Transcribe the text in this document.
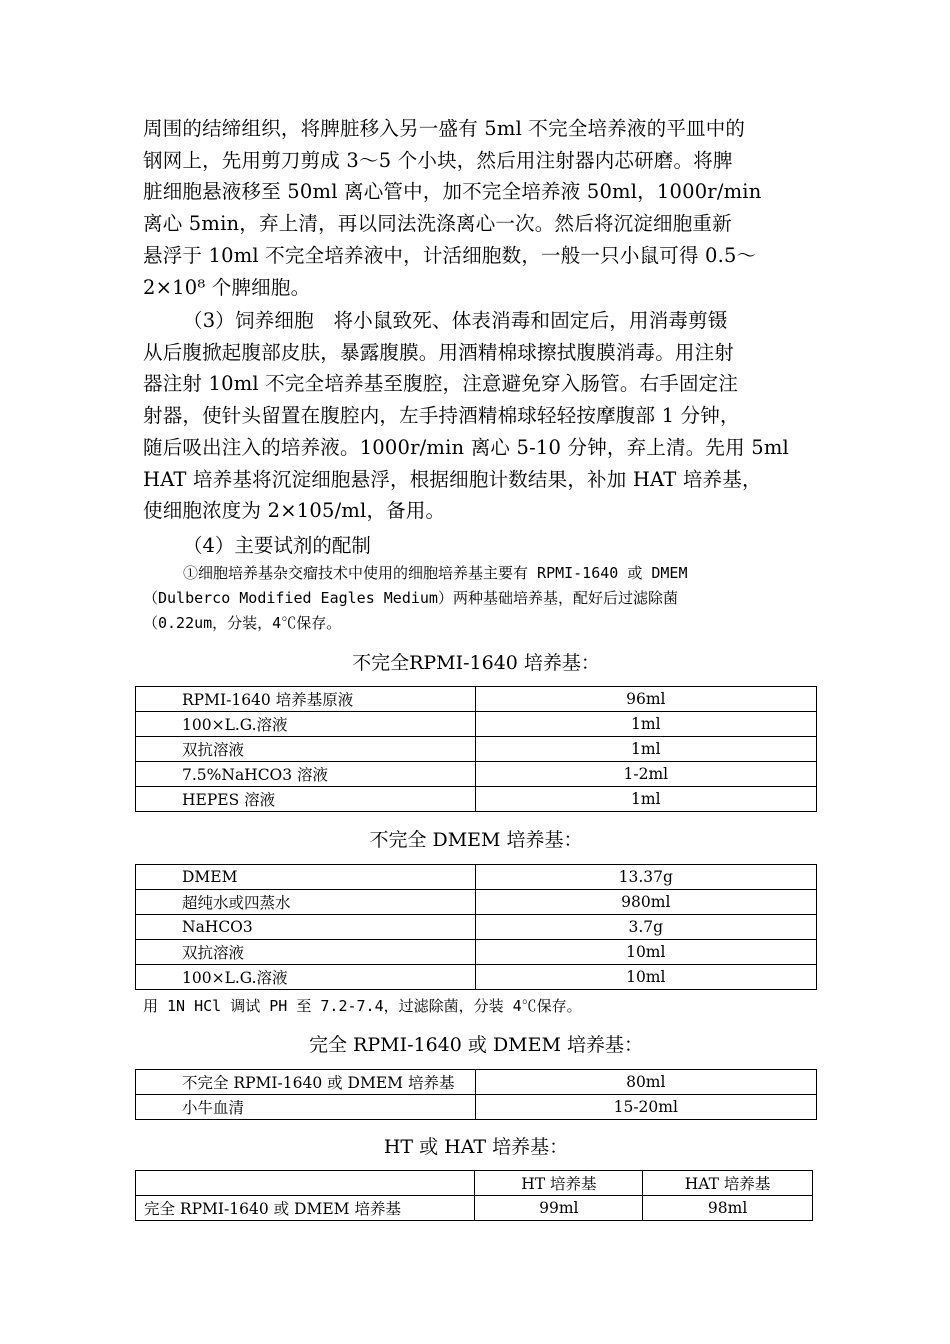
周围的结缔组织，将脾脏移入另一盛有 5ml 不完全培养液的平皿中的
钢网上，先用剪刀剪成 3～5 个小块，然后用注射器内芯研磨。将脾
脏细胞悬液移至 50ml 离心管中，加不完全培养液 50ml，1000r/min
离心 5min，弃上清，再以同法洗涤离心一次。然后将沉淀细胞重新
悬浮于 10ml 不完全培养液中，计活细胞数，一般一只小鼠可得 0.5～
2×10⁸ 个脾细胞。
（3）饲养细胞　将小鼠致死、体表消毒和固定后，用消毒剪镊
从后腹掀起腹部皮肤，暴露腹膜。用酒精棉球擦拭腹膜消毒。用注射
器注射 10ml 不完全培养基至腹腔，注意避免穿入肠管。右手固定注
射器，使针头留置在腹腔内，左手持酒精棉球轻轻按摩腹部 1 分钟，
随后吸出注入的培养液。1000r/min 离心 5-10 分钟，弃上清。先用 5ml
HAT 培养基将沉淀细胞悬浮，根据细胞计数结果，补加 HAT 培养基，
使细胞浓度为 2×105/ml，备用。
（4）主要试剂的配制
①细胞培养基杂交瘤技术中使用的细胞培养基主要有 RPMI-1640 或 DMEM
（Dulberco Modified Eagles Medium）两种基础培养基，配好后过滤除菌
（0.22um，分装，4℃保存。
不完全RPMI-1640 培养基：
RPMI-1640 培养基原液	96ml
100×L.G.溶液	1ml
双抗溶液	1ml
7.5%NaHCO3 溶液	1-2ml
HEPES 溶液	1ml
不完全 DMEM 培养基：
DMEM	13.37g
超纯水或四蒸水	980ml
NaHCO3	3.7g
双抗溶液	10ml
100×L.G.溶液	10ml
用 1N HCl 调试 PH 至 7.2-7.4，过滤除菌，分装 4℃保存。
完全 RPMI-1640 或 DMEM 培养基：
不完全 RPMI-1640 或 DMEM 培养基	80ml
小牛血清	15-20ml
HT 或 HAT 培养基：
	HT 培养基	HAT 培养基
完全 RPMI-1640 或 DMEM 培养基	99ml	98ml
